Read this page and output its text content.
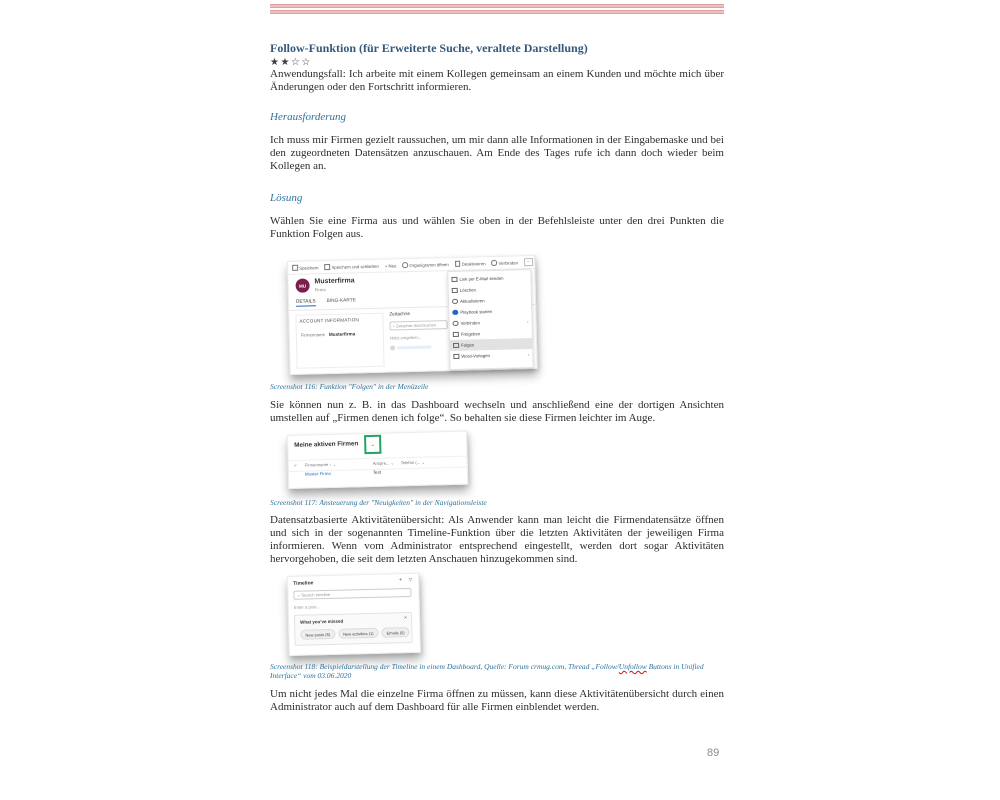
Follow-Funktion (für Erweiterte Suche, veraltete Darstellung)
★★☆☆

Anwendungsfall: Ich arbeite mit einem Kollegen gemeinsam an einem Kunden und möchte mich über Änderungen oder den Fortschritt informieren.

Herausforderung

Ich muss mir Firmen gezielt raussuchen, um mir dann alle Informationen in der Eingabemaske und bei den zugeordneten Datensätzen anzuschauen. Am Ende des Tages rufe ich dann doch wieder beim Kollegen an.

Lösung

Wählen Sie eine Firma aus und wählen Sie oben in der Befehlsleiste unter den drei Punkten die Funktion Folgen aus.

Speichern	Speichern und schließen + Neu	Organigramm öffnen	Deaktivieren	Verbinden	⋯
MU
Musterfirma
Firma
DETAILS BING-KARTE
ACCOUNT INFORMATION
Firmenname Musterfirma
Zeitachse
⌕ Zeitachse durchsuchen
Notiz eingeben...
Link per E-Mail senden
Löschen
Aktualisieren
Playbook starten
Verbinden	›
Freigeben
Folgen
Word-Vorlagen	›

Screenshot 116: Funktion "Folgen" in der Menüzeile

Sie können nun z. B. in das Dashboard wechseln und anschließend eine der dortigen Ansichten umstellen auf „Firmen denen ich folge“. So behalten sie diese Firmen leichter im Auge.

Meine aktiven Firmen ⌄
✓ Firmenname ↑ ⌄	Anspre... ⌄ Telefon (... ⌄
Muster Firma	Test

Screenshot 117: Ansteuerung der "Neuigkeiten" in der Navigationsleiste

Datensatzbasierte Aktivitätenübersicht: Als Anwender kann man leicht die Firmendatensätze öffnen und sich in der sogenannten Timeline-Funktion über die letzten Aktivitäten der jeweiligen Firma informieren. Wenn vom Administrator entsprechend eingestellt, werden dort sogar Aktivitäten hervorgehoben, die seit dem letzten Anschauen hinzugekommen sind.

Timeline
+ ▽
⌕ Search timeline
Enter a post...
What you've missed
×
New posts (6)	New activities (1)	Emails (5)

Screenshot 118: Beispieldarstellung der Timeline in einem Dashboard, Quelle: Forum crmug.com, Thread „Follow/Unfollow Buttons in Unified Interface“ vom 03.06.2020

Um nicht jedes Mal die einzelne Firma öffnen zu müssen, kann diese Aktivitätenübersicht durch einen Administrator auch auf dem Dashboard für alle Firmen einblendet werden.

89
